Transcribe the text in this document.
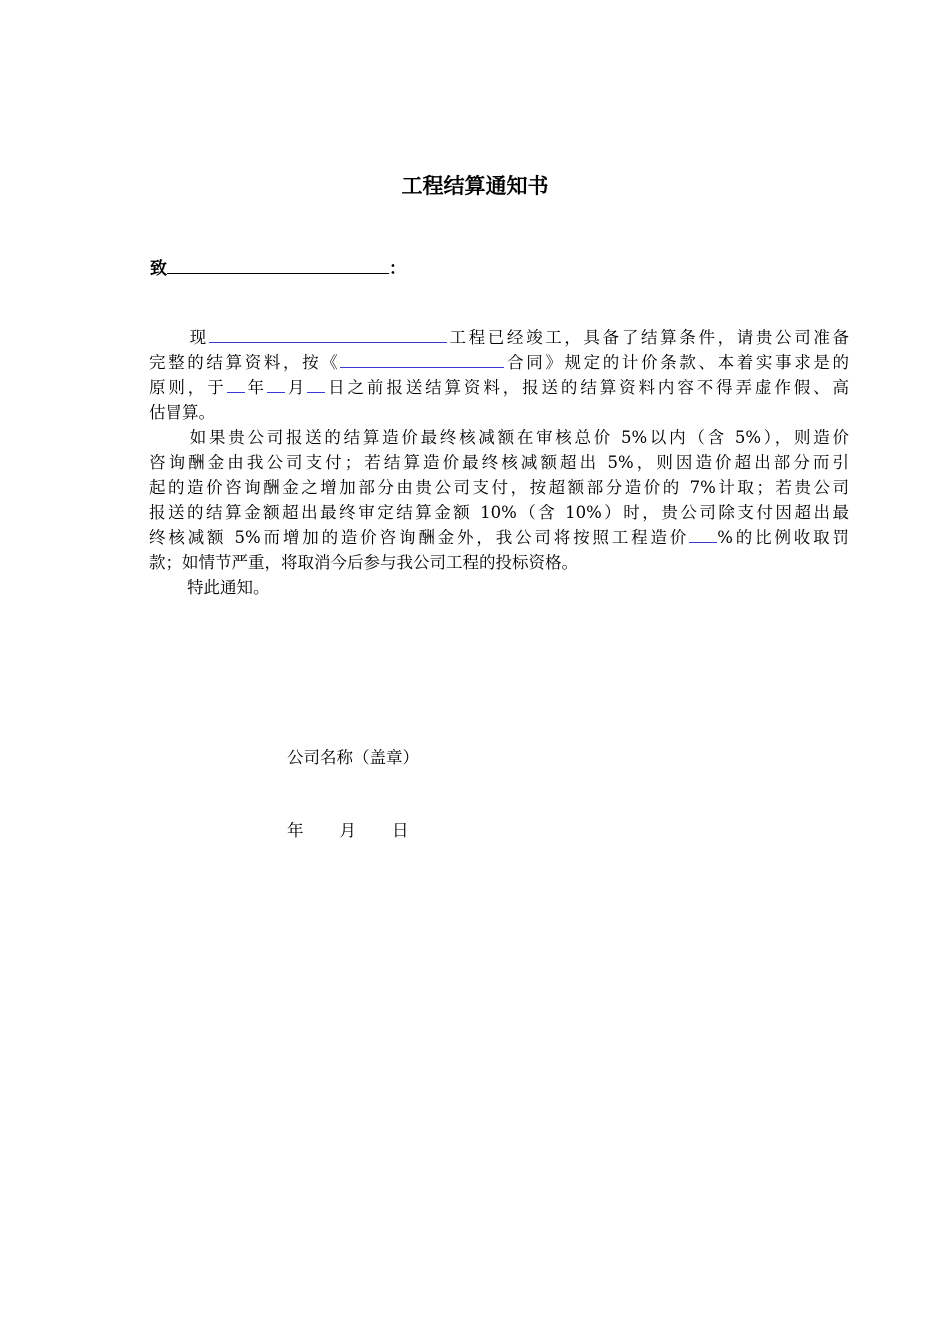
工程结算通知书
致	：
现	工程已经竣工，具备了结算条件，请贵公司准备
完整的结算资料，按《	合同》规定的计价条款、本着实事求是的
原则，于 年 月 日之前报送结算资料，报送的结算资料内容不得弄虚作假、高
估冒算。
如果贵公司报送的结算造价最终核减额在审核总价 5%以内（含 5%），则造价
咨询酬金由我公司支付；若结算造价最终核减额超出 5%，则因造价超出部分而引
起的造价咨询酬金之增加部分由贵公司支付，按超额部分造价的 7%计取；若贵公司
报送的结算金额超出最终审定结算金额 10%（含 10%）时，贵公司除支付因超出最
终核减额 5%而增加的造价咨询酬金外，我公司将按照工程造价 %的比例收取罚
款；如情节严重，将取消今后参与我公司工程的投标资格。
特此通知。
公司名称（盖章）
年 月 日
